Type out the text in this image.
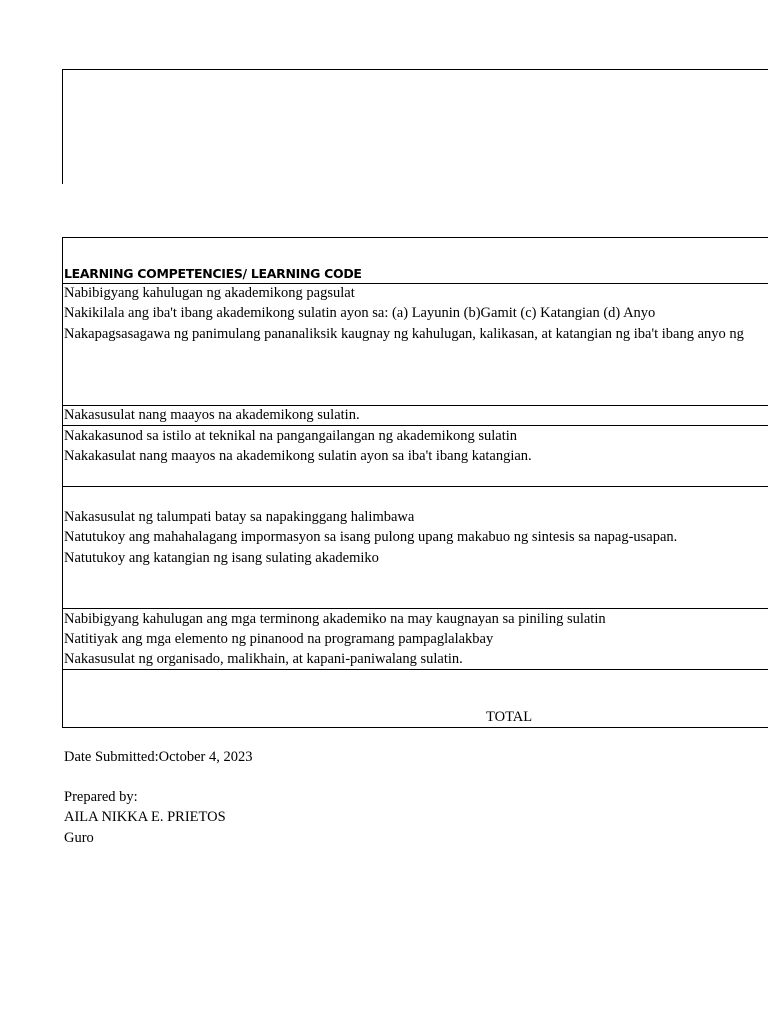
LEARNING COMPETENCIES/ LEARNING CODE
Nabibigyang kahulugan ng akademikong pagsulat
Nakikilala ang iba't ibang akademikong sulatin ayon sa: (a) Layunin (b)Gamit (c) Katangian (d) Anyo
Nakapagsasagawa ng panimulang pananaliksik kaugnay ng kahulugan, kalikasan, at katangian ng iba't ibang anyo ng
Nakasusulat nang maayos na akademikong sulatin.
Nakakasunod sa istilo at teknikal na pangangailangan ng akademikong sulatin
Nakakasulat nang maayos na akademikong sulatin ayon sa iba't ibang katangian.
Nakasusulat ng talumpati batay sa napakinggang halimbawa
Natutukoy ang mahahalagang impormasyon sa isang pulong upang makabuo ng sintesis sa napag-usapan.
Natutukoy ang katangian ng isang sulating akademiko
Nabibigyang kahulugan ang mga terminong akademiko na may kaugnayan sa piniling sulatin
Natitiyak ang mga elemento ng pinanood na programang pampaglalakbay
Nakasusulat ng organisado, malikhain, at kapani-paniwalang sulatin.
TOTAL
Date Submitted:October 4, 2023
Prepared by:
AILA NIKKA E. PRIETOS
Guro
